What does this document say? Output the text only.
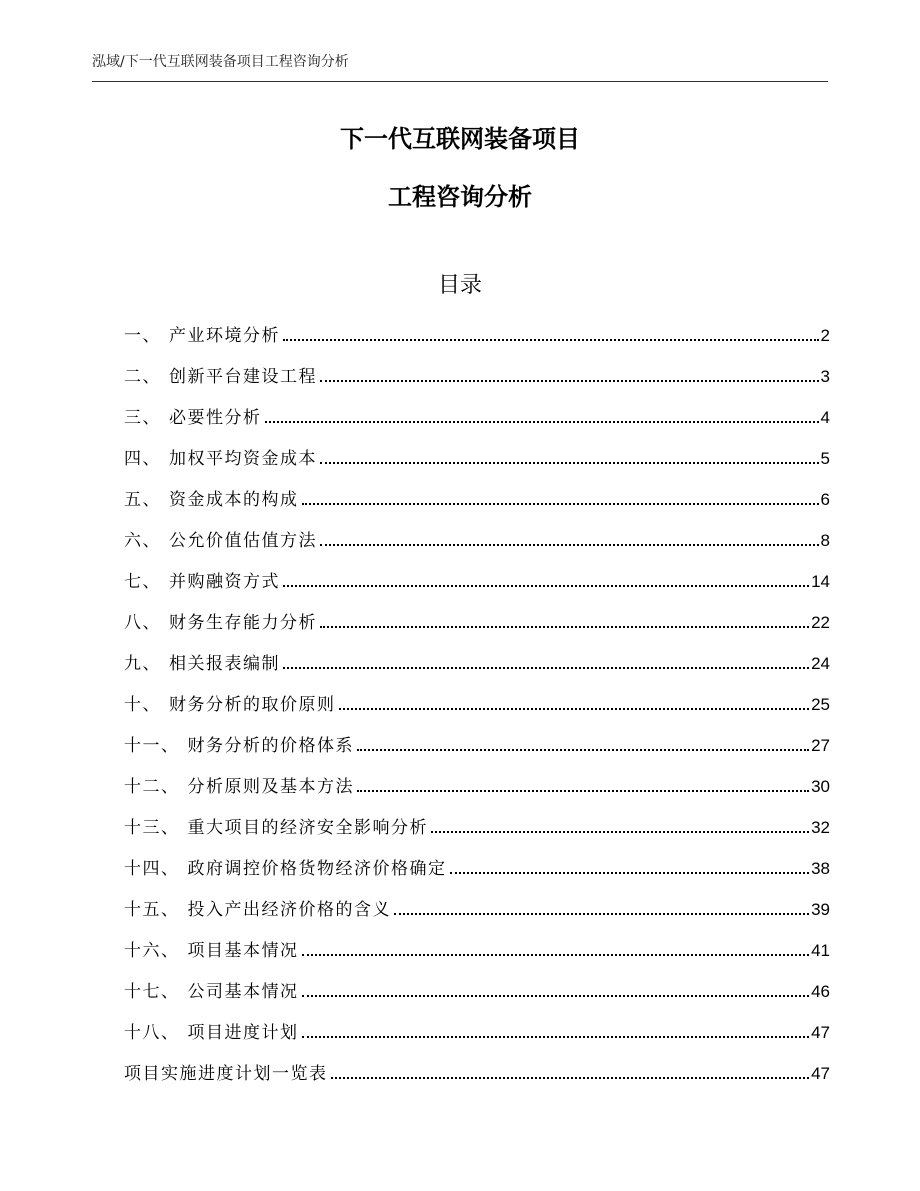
泓域/下一代互联网装备项目工程咨询分析
下一代互联网装备项目
工程咨询分析
目录
一、 产业环境分析	2
二、 创新平台建设工程	3
三、 必要性分析	4
四、 加权平均资金成本	5
五、 资金成本的构成	6
六、 公允价值估值方法	8
七、 并购融资方式	14
八、 财务生存能力分析	22
九、 相关报表编制	24
十、 财务分析的取价原则	25
十一、 财务分析的价格体系	27
十二、 分析原则及基本方法	30
十三、 重大项目的经济安全影响分析	32
十四、 政府调控价格货物经济价格确定	38
十五、 投入产出经济价格的含义	39
十六、 项目基本情况	41
十七、 公司基本情况	46
十八、 项目进度计划	47
项目实施进度计划一览表	47
